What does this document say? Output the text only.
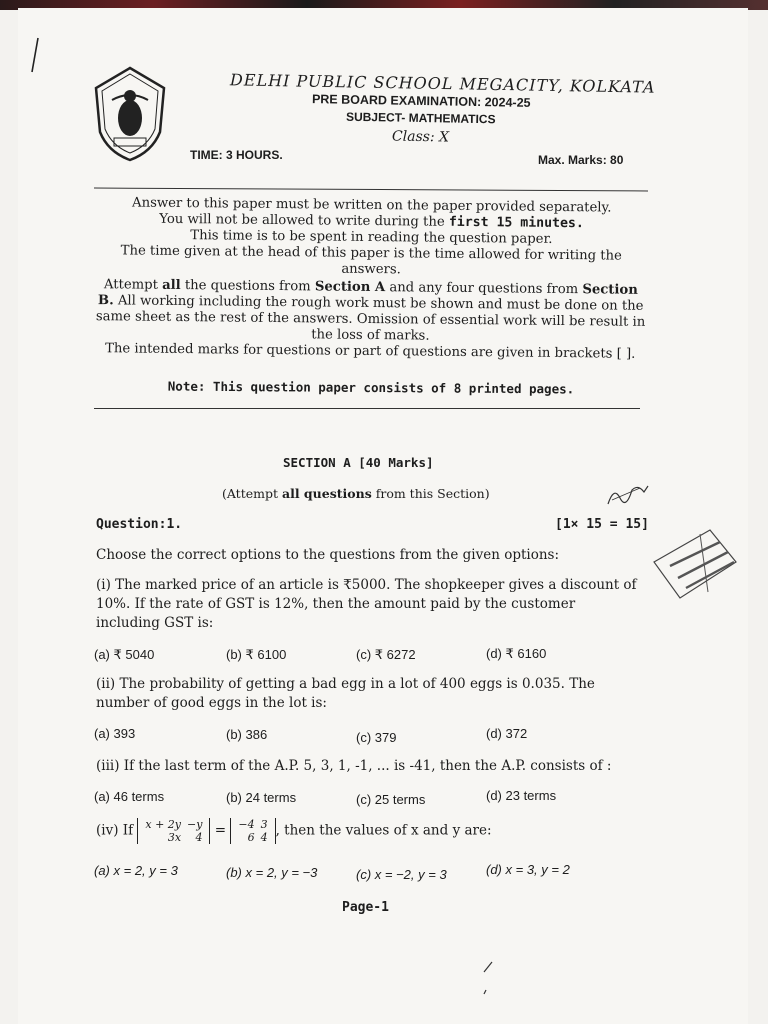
DELHI PUBLIC SCHOOL MEGACITY, KOLKATA
PRE BOARD EXAMINATION: 2024-25
SUBJECT- MATHEMATICS
Class: X
TIME: 3 HOURS.	Max. Marks: 80

Answer to this paper must be written on the paper provided separately.

You will not be allowed to write during the first 15 minutes.

This time is to be spent in reading the question paper.

The time given at the head of this paper is the time allowed for writing the answers.

Attempt all the questions from Section A and any four questions from Section B. All working including the rough work must be shown and must be done on the same sheet as the rest of the answers. Omission of essential work will be result in the loss of marks.

The intended marks for questions or part of questions are given in brackets [ ].

Note: This question paper consists of 8 printed pages.
SECTION A [40 Marks]
(Attempt all questions from this Section)
Question:1.	[1× 15 = 15]
Choose the correct options to the questions from the given options:
(i) The marked price of an article is ₹5000. The shopkeeper gives a discount of 10%. If the rate of GST is 12%, then the amount paid by the customer including GST is:
(a) ₹ 5040	(b) ₹ 6100	(c) ₹ 6272	(d) ₹ 6160
(ii) The probability of getting a bad egg in a lot of 400 eggs is 0.035. The number of good eggs in the lot is:
(a) 393	(b) 386	(c) 379	(d) 372
(iii) If the last term of the A.P. 5, 3, 1, -1, ... is -41, then the A.P. consists of :
(a) 46 terms	(b) 24 terms	(c) 25 terms	(d) 23 terms
(iv) If x + 2y	−y
3x	4 = −4	3
6	4 , then the values of x and y are:
(a) x = 2, y = 3	(b) x = 2, y = −3	(c) x = −2, y = 3	(d) x = 3, y = 2
Page-1
